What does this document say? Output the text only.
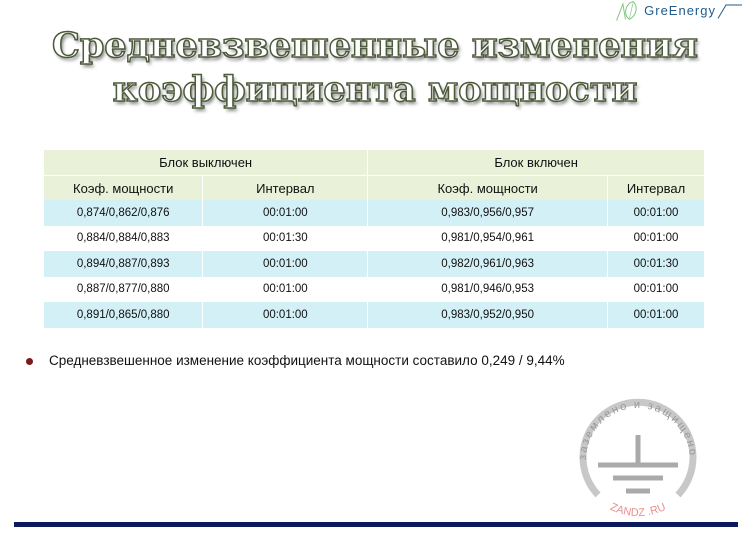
Средневзвешенные изменения
коэффициента мощности
GreEnergy
Блок выключен		Блок включен	
Коэф. мощности	Интервал	Коэф. мощности	Интервал
0,874/0,862/0,876	00:01:00	0,983/0,956/0,957	00:01:00
0,884/0,884/0,883	00:01:30	0,981/0,954/0,961	00:01:00
0,894/0,887/0,893	00:01:00	0,982/0,961/0,963	00:01:30
0,887/0,877/0,880	00:01:00	0,981/0,946/0,953	00:01:00
0,891/0,865/0,880	00:01:00	0,983/0,952/0,950	00:01:00
Средневзвешенное изменение коэффициента мощности составило 0,249 / 9,44%
заземлено и защищено
ZANDZ .RU
